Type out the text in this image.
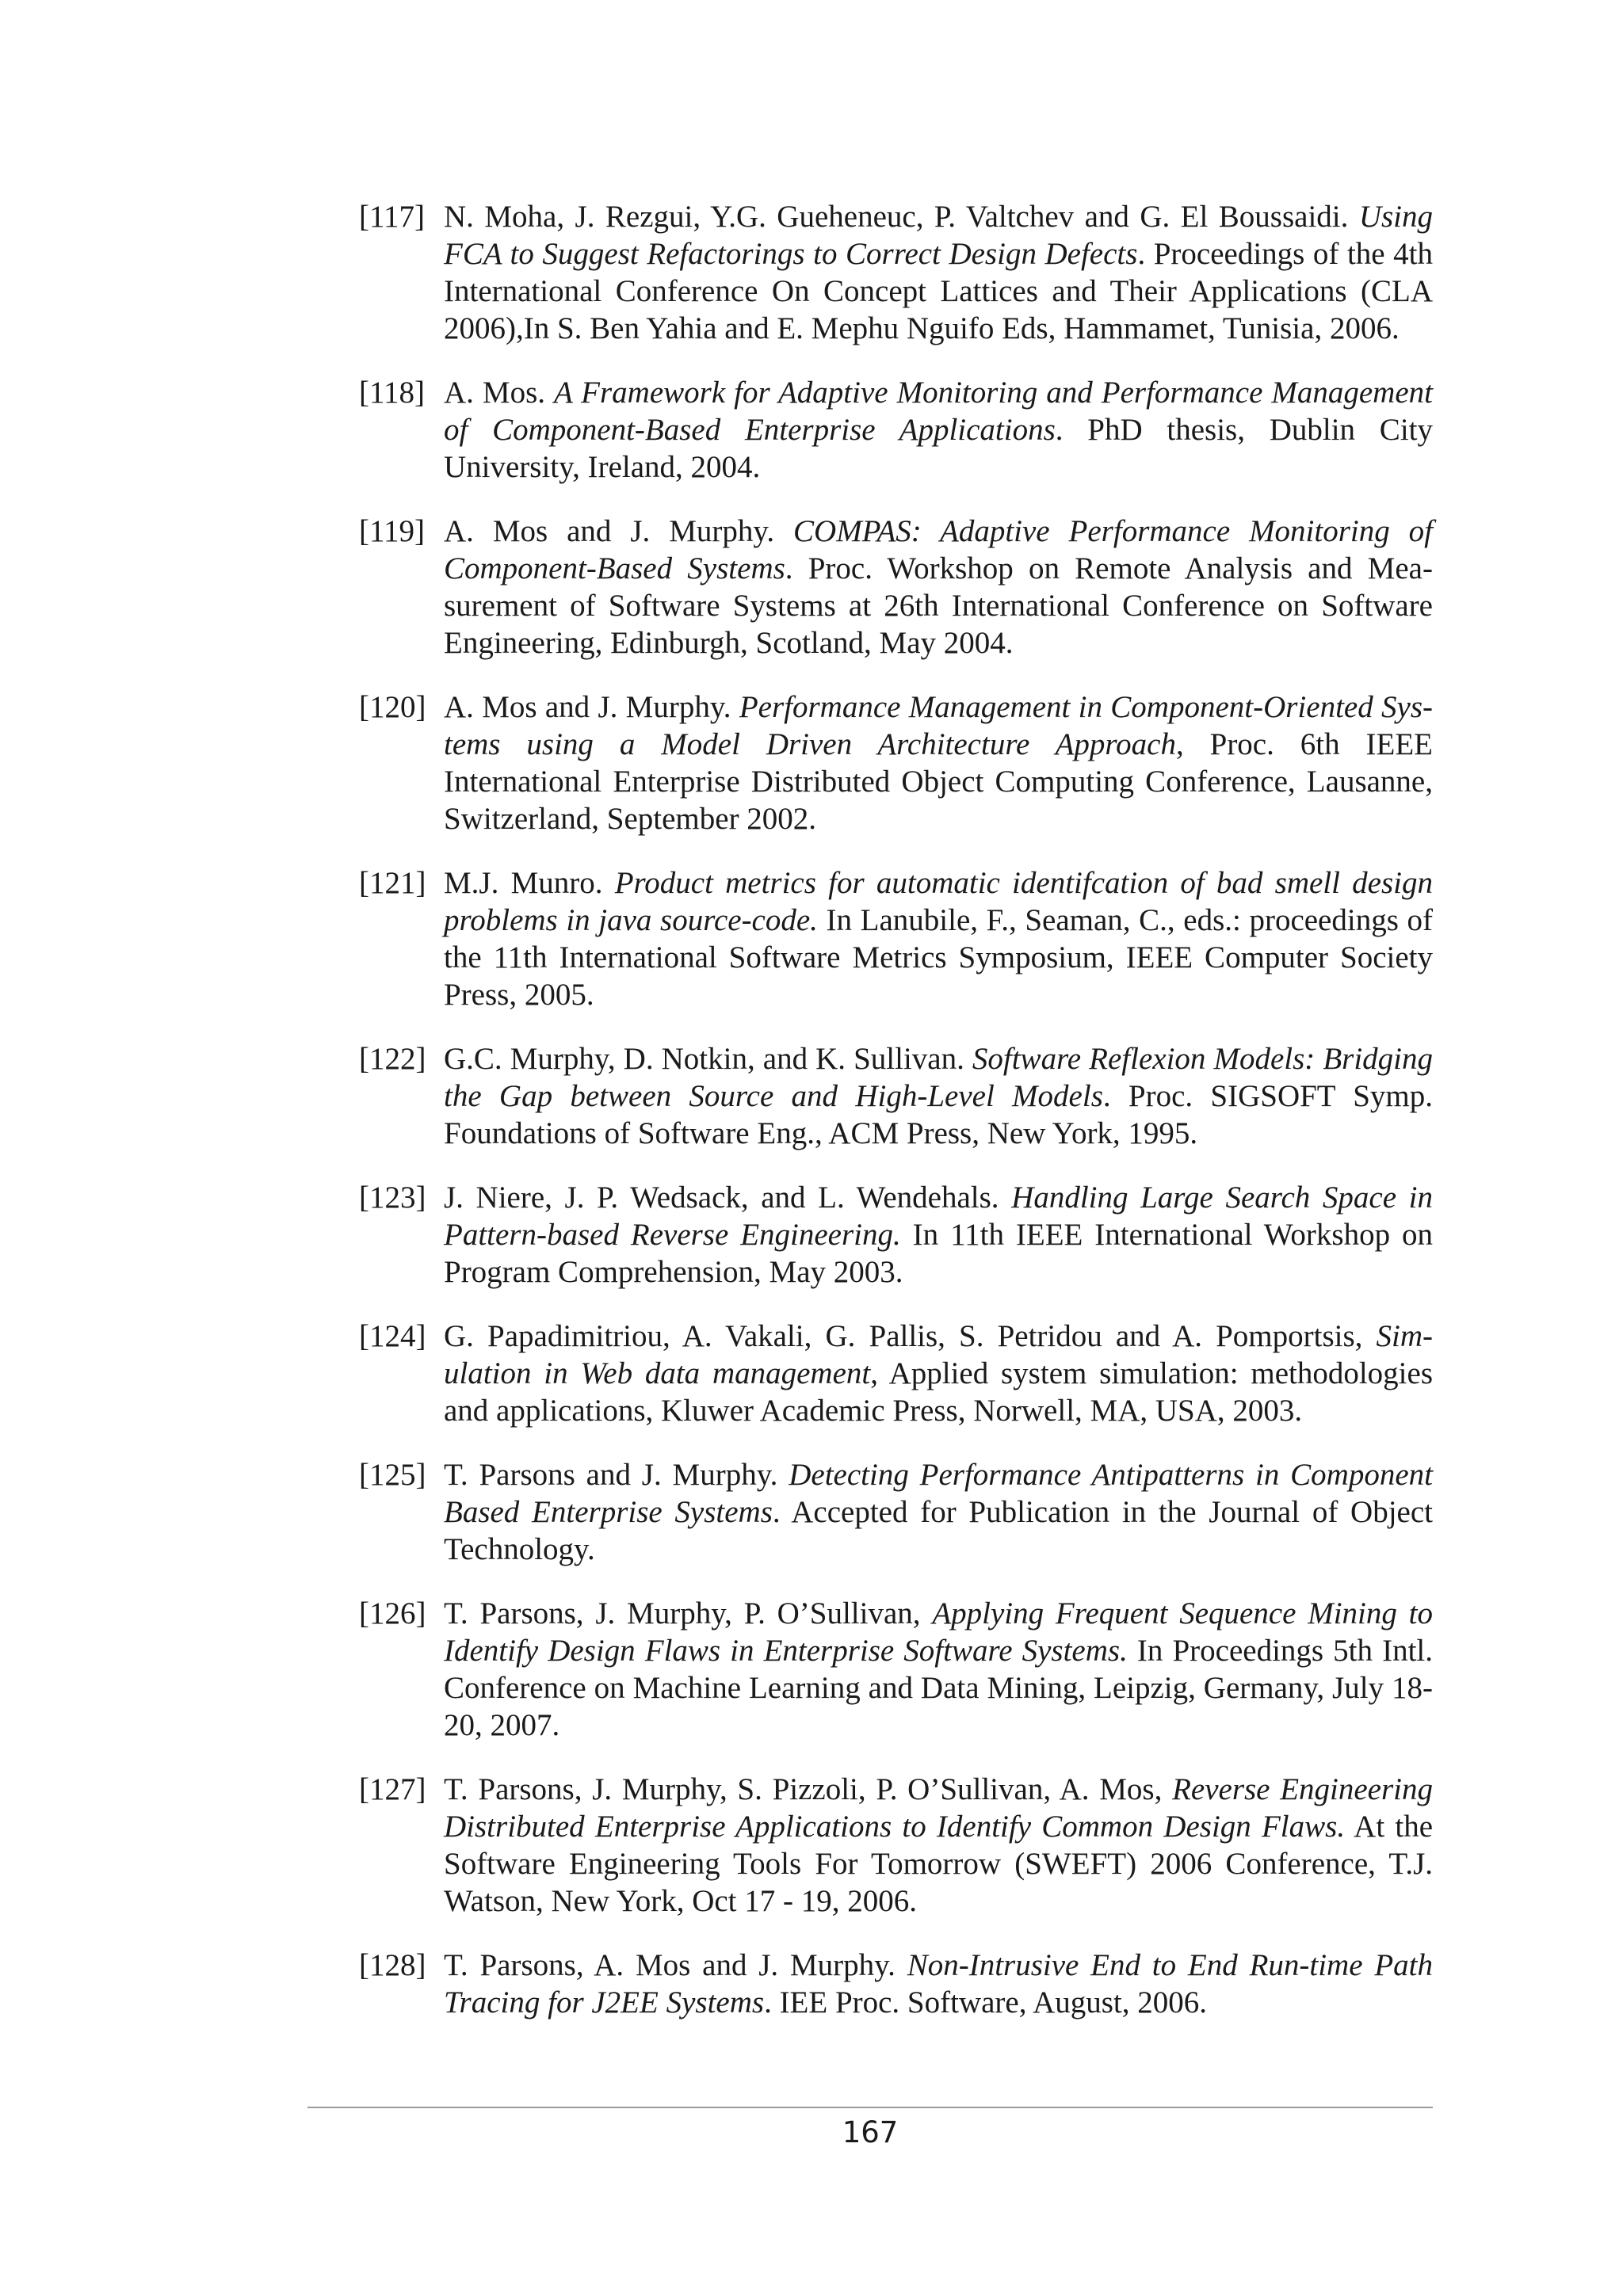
[117] N. Moha, J. Rezgui, Y.G. Gueheneuc, P. Valtchev and G. El Boussaidi. Using FCA to Suggest Refactorings to Correct Design Defects. Proceedings of the 4th International Conference On Concept Lattices and Their Applications (CLA 2006),In S. Ben Yahia and E. Mephu Nguifo Eds, Hammamet, Tunisia, 2006.
[118] A. Mos. A Framework for Adaptive Monitoring and Performance Management of Component-Based Enterprise Applications. PhD thesis, Dublin City University, Ireland, 2004.
[119] A. Mos and J. Murphy. COMPAS: Adaptive Performance Monitoring of Component-Based Systems. Proc. Workshop on Remote Analysis and Measurement of Software Systems at 26th International Conference on Software Engineering, Edinburgh, Scotland, May 2004.
[120] A. Mos and J. Murphy. Performance Management in Component-Oriented Systems using a Model Driven Architecture Approach, Proc. 6th IEEE International Enterprise Distributed Object Computing Conference, Lausanne, Switzerland, September 2002.
[121] M.J. Munro. Product metrics for automatic identifcation of bad smell design problems in java source-code. In Lanubile, F., Seaman, C., eds.: proceedings of the 11th International Software Metrics Symposium, IEEE Computer Society Press, 2005.
[122] G.C. Murphy, D. Notkin, and K. Sullivan. Software Reflexion Models: Bridging the Gap between Source and High-Level Models. Proc. SIGSOFT Symp. Foundations of Software Eng., ACM Press, New York, 1995.
[123] J. Niere, J. P. Wedsack, and L. Wendehals. Handling Large Search Space in Pattern-based Reverse Engineering. In 11th IEEE International Workshop on Program Comprehension, May 2003.
[124] G. Papadimitriou, A. Vakali, G. Pallis, S. Petridou and A. Pomportsis, Simulation in Web data management, Applied system simulation: methodologies and applications, Kluwer Academic Press, Norwell, MA, USA, 2003.
[125] T. Parsons and J. Murphy. Detecting Performance Antipatterns in Component Based Enterprise Systems. Accepted for Publication in the Journal of Object Technology.
[126] T. Parsons, J. Murphy, P. O’Sullivan, Applying Frequent Sequence Mining to Identify Design Flaws in Enterprise Software Systems. In Proceedings 5th Intl. Conference on Machine Learning and Data Mining, Leipzig, Germany, July 18-20, 2007.
[127] T. Parsons, J. Murphy, S. Pizzoli, P. O’Sullivan, A. Mos, Reverse Engineering Distributed Enterprise Applications to Identify Common Design Flaws. At the Software Engineering Tools For Tomorrow (SWEFT) 2006 Conference, T.J. Watson, New York, Oct 17 - 19, 2006.
[128] T. Parsons, A. Mos and J. Murphy. Non-Intrusive End to End Run-time Path Tracing for J2EE Systems. IEE Proc. Software, August, 2006.
167
